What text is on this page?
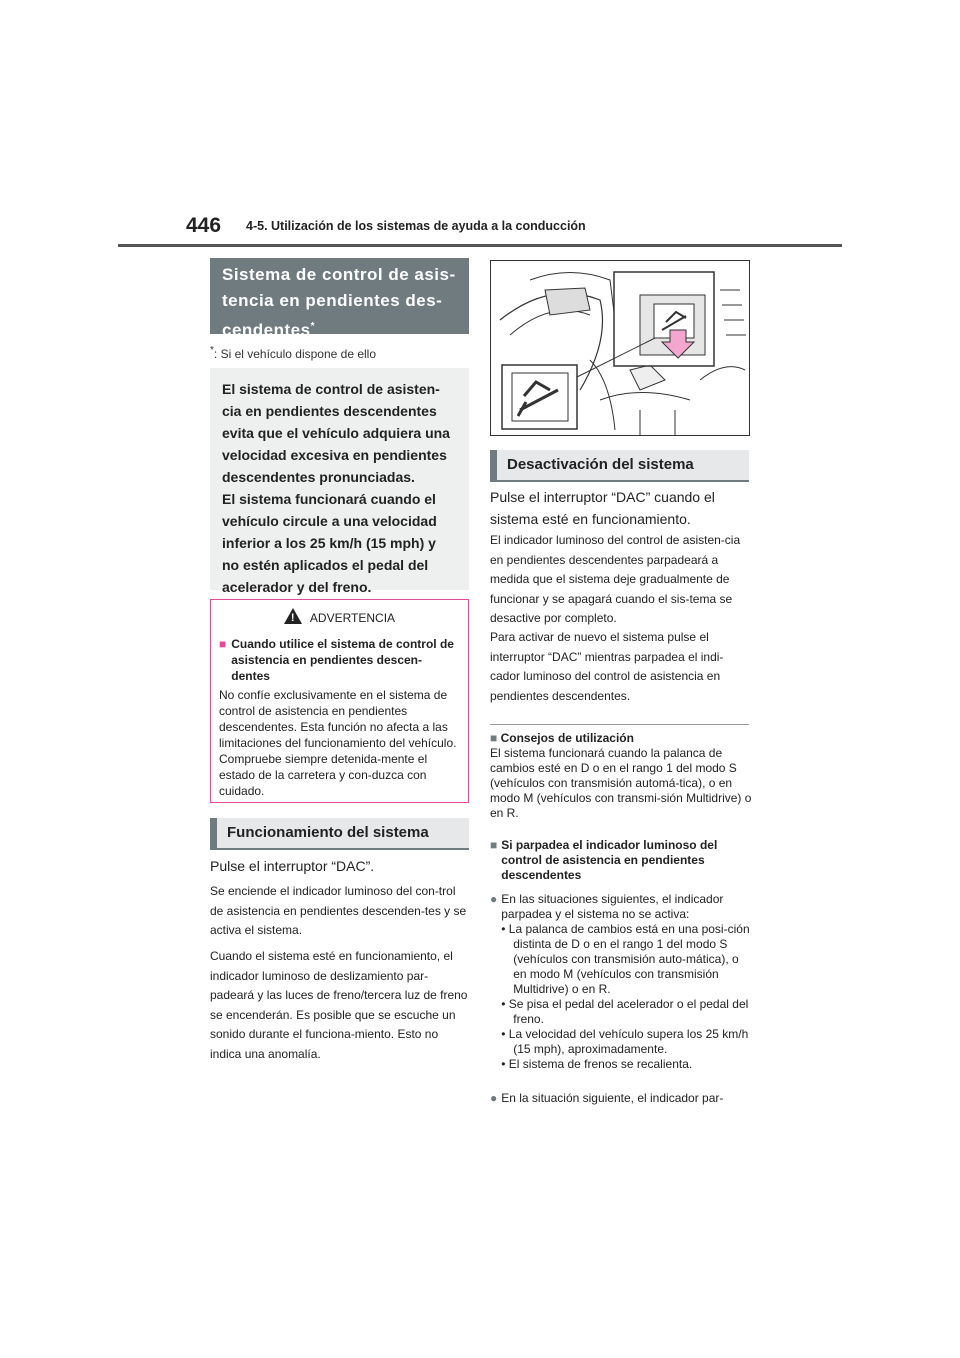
446 4-5. Utilización de los sistemas de ayuda a la conducción
Sistema de control de asis-
tencia en pendientes des-
cendentes*
*: Si el vehículo dispone de ello
El sistema de control de asisten-
cia en pendientes descendentes
evita que el vehículo adquiera una
velocidad excesiva en pendientes
descendentes pronunciadas.
El sistema funcionará cuando el
vehículo circule a una velocidad
inferior a los 25 km/h (15 mph) y
no estén aplicados el pedal del
acelerador y del freno.
!ADVERTENCIA
■ Cuando utilice el sistema de control de asistencia en pendientes descen-dentes
No confíe exclusivamente en el sistema de control de asistencia en pendientes descendentes. Esta función no afecta a las limitaciones del funcionamiento del vehículo. Compruebe siempre detenida-mente el estado de la carretera y con-duzca con cuidado.
Funcionamiento del sistema
Pulse el interruptor “DAC”.
Se enciende el indicador luminoso del con-trol de asistencia en pendientes descenden-tes y se activa el sistema.
Cuando el sistema esté en funcionamiento, el indicador luminoso de deslizamiento par-padeará y las luces de freno/tercera luz de freno se encenderán. Es posible que se escuche un sonido durante el funciona-miento. Esto no indica una anomalía.
Desactivación del sistema
Pulse el interruptor “DAC” cuando el sistema esté en funcionamiento.
El indicador luminoso del control de asisten-cia en pendientes descendentes parpadeará a medida que el sistema deje gradualmente de funcionar y se apagará cuando el sis-tema se desactive por completo.
Para activar de nuevo el sistema pulse el interruptor “DAC” mientras parpadea el indi-cador luminoso del control de asistencia en pendientes descendentes.

■ Consejos de utilización

El sistema funcionará cuando la palanca de cambios esté en D o en el rango 1 del modo S (vehículos con transmisión automá-tica), o en modo M (vehículos con transmi-sión Multidrive) o en R.

■ Si parpadea el indicador luminoso del control de asistencia en pendientes descendentes
● En las situaciones siguientes, el indicador parpadea y el sistema no se activa:

• La palanca de cambios está en una posi-ción distinta de D o en el rango 1 del modo S (vehículos con transmisión auto-mática), o en modo M (vehículos con transmisión Multidrive) o en R.
• Se pisa el pedal del acelerador o el pedal del freno.
• La velocidad del vehículo supera los 25 km/h (15 mph), aproximadamente.
• El sistema de frenos se recalienta.
● En la situación siguiente, el indicador par-
